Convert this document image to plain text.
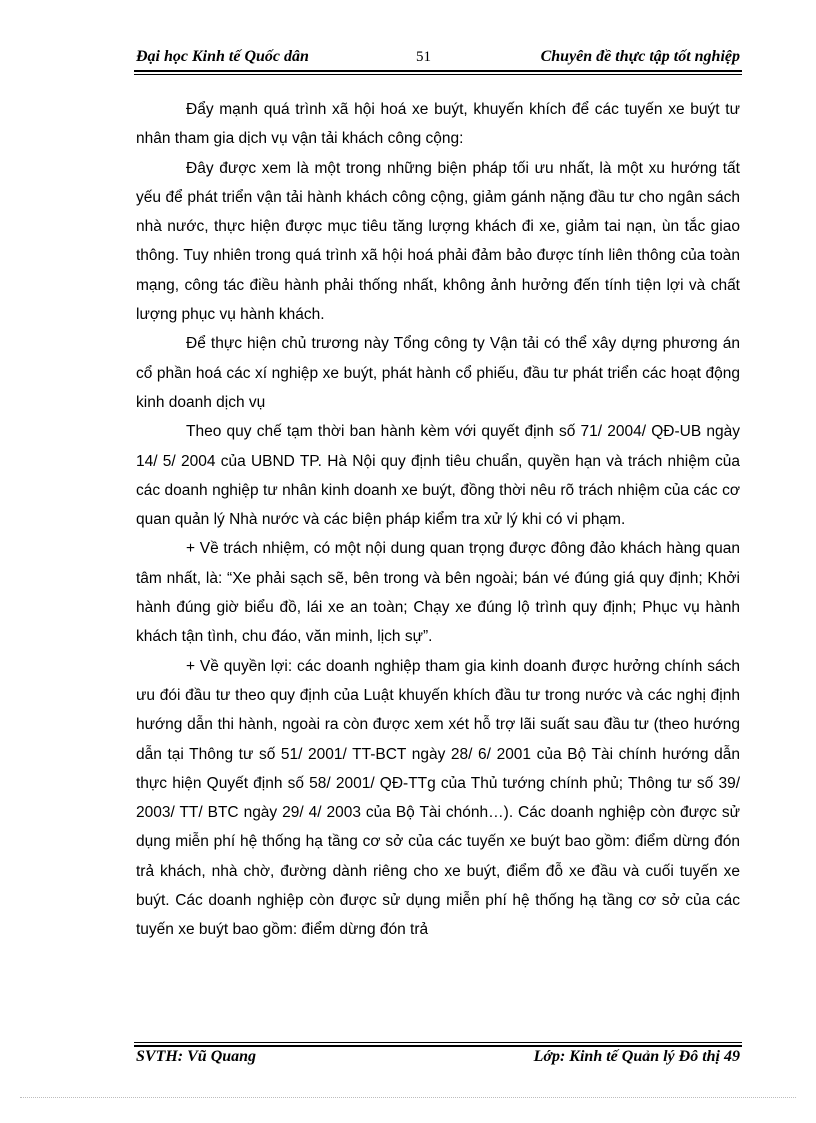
Đại học Kinh tế Quốc dân	51	Chuyên đề thực tập tốt nghiệp

Đẩy mạnh quá trình xã hội hoá xe buýt, khuyến khích để các tuyến xe buýt tư nhân tham gia dịch vụ vận tải khách công cộng:

Đây được xem là một trong những biện pháp tối ưu nhất, là một xu hướng tất yếu để phát triển vận tải hành khách công cộng, giảm gánh nặng đầu tư cho ngân sách nhà nước, thực hiện được mục tiêu tăng lượng khách đi xe, giảm tai nạn, ùn tắc giao thông. Tuy nhiên trong quá trình xã hội hoá phải đảm bảo được tính liên thông của toàn mạng, công tác điều hành phải thống nhất, không ảnh hưởng đến tính tiện lợi và chất lượng phục vụ hành khách.

Để thực hiện chủ trương này Tổng công ty Vận tải có thể xây dựng phương án cổ phần hoá các xí nghiệp xe buýt, phát hành cổ phiếu, đầu tư phát triển các hoạt động kinh doanh dịch vụ

Theo quy chế tạm thời ban hành kèm với quyết định số 71/ 2004/ QĐ-UB ngày 14/ 5/ 2004 của UBND TP. Hà Nội quy định tiêu chuẩn, quyền hạn và trách nhiệm của các doanh nghiệp tư nhân kinh doanh xe buýt, đồng thời nêu rõ trách nhiệm của các cơ quan quản lý Nhà nước và các biện pháp kiểm tra xử lý khi có vi phạm.

+ Về trách nhiệm, có một nội dung quan trọng được đông đảo khách hàng quan tâm nhất, là: “Xe phải sạch sẽ, bên trong và bên ngoài; bán vé đúng giá quy định; Khởi hành đúng giờ biểu đồ, lái xe an toàn; Chạy xe đúng lộ trình quy định; Phục vụ hành khách tận tình, chu đáo, văn minh, lịch sự”.

+ Về quyền lợi: các doanh nghiệp tham gia kinh doanh được hưởng chính sách ưu đói đầu tư theo quy định của Luật khuyến khích đầu tư trong nước và các nghị định hướng dẫn thi hành, ngoài ra còn được xem xét hỗ trợ lãi suất sau đầu tư (theo hướng dẫn tại Thông tư số 51/ 2001/ TT-BCT ngày 28/ 6/ 2001 của Bộ Tài chính hướng dẫn thực hiện Quyết định số 58/ 2001/ QĐ-TTg của Thủ tướng chính phủ; Thông tư số 39/ 2003/ TT/ BTC ngày 29/ 4/ 2003 của Bộ Tài chónh…). Các doanh nghiệp còn được sử dụng miễn phí hệ thống hạ tầng cơ sở của các tuyến xe buýt bao gồm: điểm dừng đón trả khách, nhà chờ, đường dành riêng cho xe buýt, điểm đỗ xe đầu và cuối tuyến xe buýt. Các doanh nghiệp còn được sử dụng miễn phí hệ thống hạ tầng cơ sở của các tuyến xe buýt bao gồm: điểm dừng đón trả

SVTH: Vũ Quang	Lớp: Kinh tế Quản lý Đô thị 49
